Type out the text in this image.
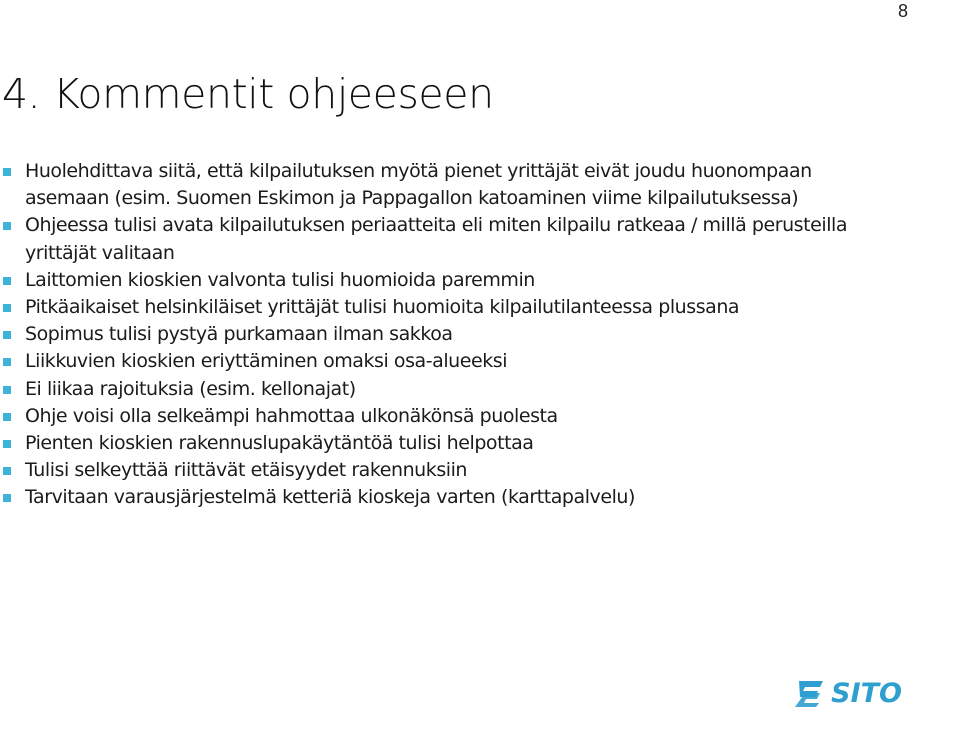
8
4. Kommentit ohjeeseen
Huolehdittava siitä, että kilpailutuksen myötä pienet yrittäjät eivät joudu huonompaan asemaan (esim. Suomen Eskimon ja Pappagallon katoaminen viime kilpailutuksessa)
Ohjeessa tulisi avata kilpailutuksen periaatteita eli miten kilpailu ratkeaa / millä perusteilla yrittäjät valitaan
Laittomien kioskien valvonta tulisi huomioida paremmin
Pitkäaikaiset helsinkiläiset yrittäjät tulisi huomioita kilpailutilanteessa plussana
Sopimus tulisi pystyä purkamaan ilman sakkoa
Liikkuvien kioskien eriyttäminen omaksi osa-alueeksi
Ei liikaa rajoituksia (esim. kellonajat)
Ohje voisi olla selkeämpi hahmottaa ulkonäkönsä puolesta
Pienten kioskien rakennuslupakäytäntöä tulisi helpottaa
Tulisi selkeyttää riittävät etäisyydet rakennuksiin
Tarvitaan varausjärjestelmä ketteriä kioskeja varten (karttapalvelu)
SITO
